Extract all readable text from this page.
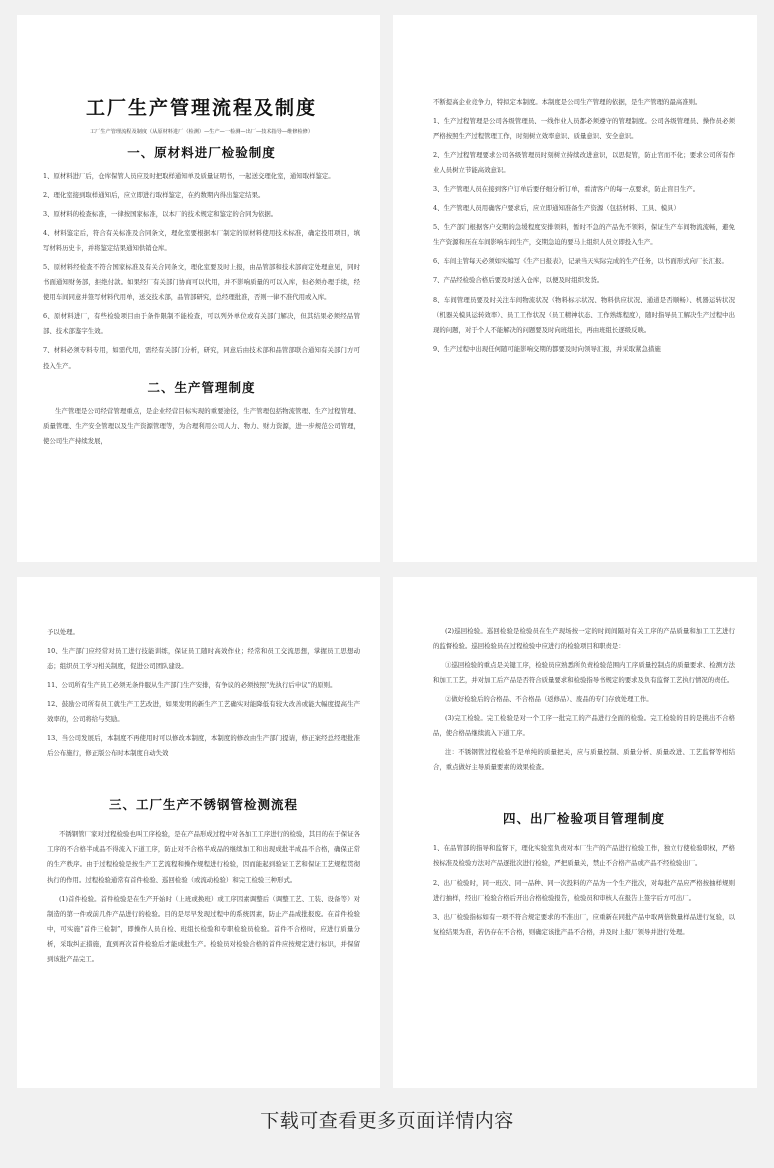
工厂生产管理流程及制度
工厂生产管理流程及制度（从原材料进厂（检测）—生产—一检测—出厂—技术指导—维修检修）
一、原材料进厂检验制度

1、原材料进厂后，仓库保管人员应及时把取样通知单及质量证明书，一起送交理化室，通知取样鉴定。

2、理化室接到取样通知后，应立即进行取样鉴定，在约数期内得出鉴定结果。

3、原材料的检查标准，一律按国家标准，以本厂的技术规定和鉴定的合同为依据。

4、材料鉴定后，符合有关标准及合同条文，理化室要根据本厂制定的原材料使用技术标准，确定投用项目，填写材料历史卡，并将鉴定结果通知供销仓库。

5、原材料经检查不符合国家标准及有关合同条文，理化室要及时上报，由品管部和技术部商定处理意见，同时书面通知财务部，拒绝付款。如果经厂有关部门协商可以代用，并不影响质量的可以入库，但必须办理手续，经使用车间同意并签写材料代用单，送交技术部，品管部研究，总经理批准，否则一律不准代用或入库。

6、原材料进厂，有些检验项目由于条件限制不能检查，可以列外单位或有关部门解决，但其结果必须经品管部、技术部鉴字生效。

7、材料必须专料专用，如需代用，需经有关部门分析，研究，同意后由技术部和品管部联合通知有关部门方可投入生产。

二、生产管理制度

生产管理是公司经营管理重点，是企业经营目标实现的重要途径，生产管理包括物流管理、生产过程管理、质量管理、生产安全管理以及生产资源管理等，为合理利用公司人力、物力、财力资源，进一步规范公司管理，使公司生产持续发展，

不断提高企业竞争力，特拟定本制度。本制度是公司生产管理的依据，是生产管理的最高准则。

1、生产过程管理是公司各级管理员、一线作业人员都必须遵守的管理制度。公司各级管理员、操作员必须严格按照生产过程管理工作，时刻树立效率意识、质量意识、安全意识。

2、生产过程管理要求公司各级管理员时刻树立持续改进意识，以思促管，防止官而不化；要求公司所有作业人员树立节能高效意识。

3、生产管理人员在接到客户订单后要仔细分析订单，看清客户的每一点要求，防止盲目生产。

4、生产管理人员用确客户要求后，应立即通知准备生产资源（包括材料、工具、模具）

5、生产部门根据客户交期的急缓程度安排领料，暂时不急的产品先不领料，保证生产车间物流流畅，避免生产资源和压在车间影响车间生产，交期急迫的要马上组织人员立即投入生产。

6、车间主管每天必须如实编写《生产日报表》，记录当天实际完成的生产任务，以书面形式向厂长汇报。

7、产品经检验合格后要及时送入仓库，以便及时组织发货。

8、车间管理员要及时关注车间物流状况（物料标示状况、物料供应状况、通道是否顺畅）、机器运转状况（机器关模具运转效率）、员工工作状况（员工精神状态、工作熟练程度），随时指导员工解决生产过程中出现的问题，对于个人不能解决的问题要及时向班组长，再由班组长逐级反映。

9、生产过程中出现任何随可能影响交期的都要及时向领导汇报，并采取紧急措施

予以处理。

10、生产部门应经常对员工进行技能训练，保证员工随时高效作业；经常和员工交流思想，掌握员工思想动态；组织员工学习相关制度，促进公司团队建设。

11、公司所有生产员工必须无条件服从生产部门生产安排，有争议的必须按照“先执行后申议”的原则。

12、鼓励公司所有员工就生产工艺改进，如果发明的新生产工艺确实对能降低有较大改善或能大幅度提高生产效率的，公司将给与奖励。

13、当公司发展后，本制度不再使用时可以修改本制度，本制度的修改由生产部门提请，修正案经总经理批准后公布施行，修正版公布时本制度自动失效

三、工厂生产不锈钢管检测流程

不锈钢管厂家对过程检验也叫工序检验，是在产品形成过程中对各加工工序进行的检验，其目的在于保证各工序的不合格半成品不得流入下道工序，防止对不合格半成品的继续加工和出现成批半成品不合格，确保正常的生产秩序。由于过程检验是按生产工艺流程和操作规程进行检验，因而能起到验证工艺和保证工艺规程贯彻执行的作用。过程检验通常有首件检验、巡回检验（或流动检验）和完工检验三种形式。

(1)首件检验。首件检验是在生产开始时（上班或换班）或工序因素调整后（调整工艺、工装、设备等）对制造的第一件或前几件产品进行的检验。目的是尽早发现过程中的系统因素，防止产品成批报废。在首件检验中，可实施“首件三检制”，即操作人员自检、班组长检验和专职检验员检验。首件不合格时，应进行质量分析，采取纠正措施，直到再次首件检验后才能成批生产。检验员对检验合格的首件应按规定进行标识，并保留到该批产品完工。

(2)巡回检验。巡回检验是检验员在生产现场按一定的时间间隔对有关工序的产品质量和加工工艺进行的监督检验。巡回检验员在过程检验中应进行的检验项目和职责是：

①巡回检验的重点是关键工序，检验员应熟悉所负责检验范围内工序质量控制点的质量要求、检测方法和加工工艺，并对加工后产品是否符合质量要求和检验指导书规定的要求及负有监督工艺执行情况的责任。

②做好检验后的合格品、不合格品（返修品）、废品的专门存放处理工作。

(3)完工检验。完工检验是对一个工序一批完工的产品进行全面的检验。完工检验的目的是挑出不合格品，使合格品继续流入下道工序。

注：不锈钢管过程检验不是单纯的质量把关，应与质量控制、质量分析、质量改进、工艺监督等相结合，重点做好主导质量要素的效果检查。

四、出厂检验项目管理制度

1、在品管部的指导和监督下，理化实验室负责对本厂生产的产品进行检验工作，独立行使检验职权，严格按标准及检验方法对产品逐批次进行检验，严把质量关，禁止不合格产品或产品不经检验出厂。

2、出厂检验时，同一班次、同一品种、同一次投料的产品为一个生产批次，对每批产品应严格按抽样规则进行抽样，经出厂检验合格后开出合格检验报告，检验员和审核人在报告上签字后方可出厂。

3、出厂检验指标如有一项不符合规定要求的不准出厂，应重新在同批产品中取两倍数量样品进行复验，以复检结果为准，若仍存在不合格，则确定该批产品不合格，并及时上报厂领导并进行处理。

下载可查看更多页面详情内容
